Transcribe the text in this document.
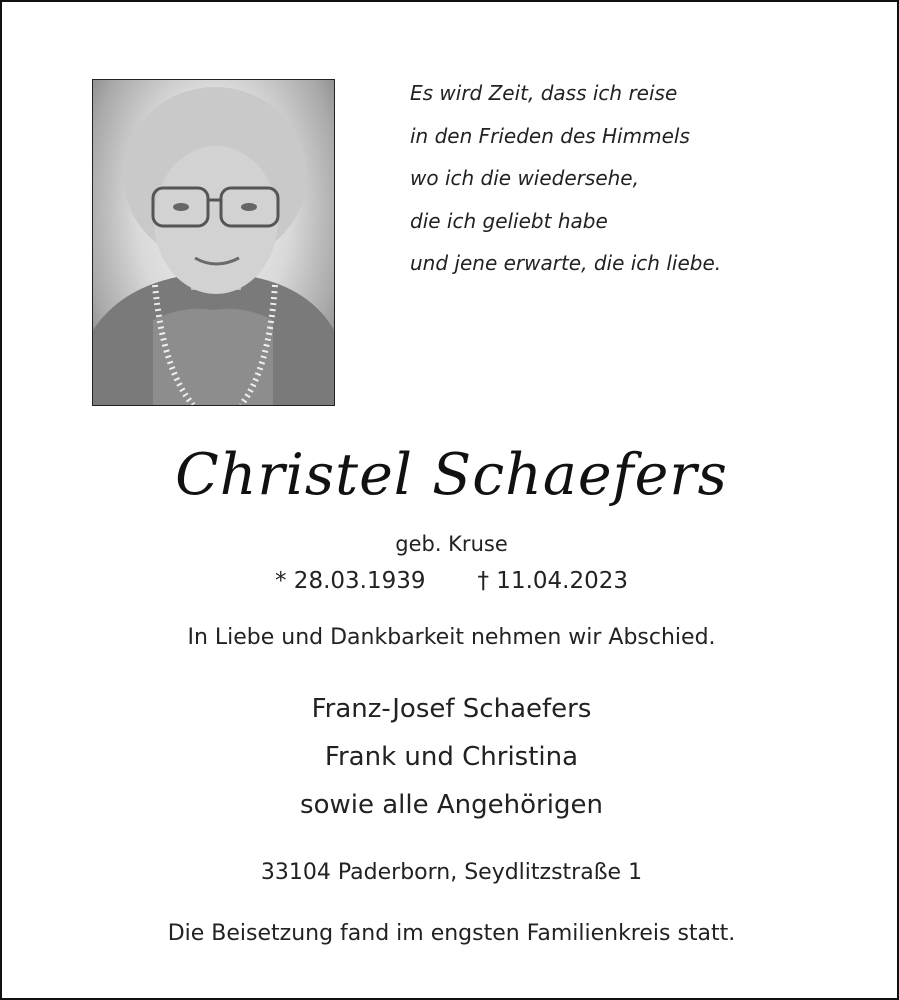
Es wird Zeit, dass ich reise
in den Frieden des Himmels
wo ich die wiedersehe,
die ich geliebt habe
und jene erwarte, die ich liebe.
Christel Schaefers
geb. Kruse
* 28.03.1939 † 11.04.2023
In Liebe und Dankbarkeit nehmen wir Abschied.
Franz-Josef Schaefers
Frank und Christina
sowie alle Angehörigen
33104 Paderborn, Seydlitzstraße 1
Die Beisetzung fand im engsten Familienkreis statt.
